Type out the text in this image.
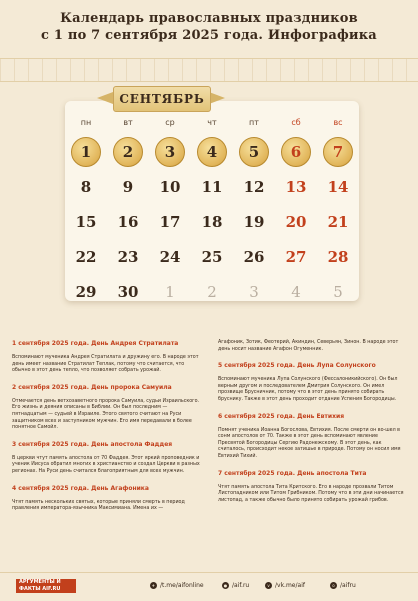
Календарь православных праздников
с 1 по 7 сентября 2025 года. Инфографика
СЕНТЯБРЬ
пн	вт	ср	чт	пт	сб	вс
1	2	3	4	5	6	7
8	9	10	11	12	13	14
15	16	17	18	19	20	21
22	23	24	25	26	27	28
29	30	1	2	3	4	5
1 сентября 2025 года. День Андрея Стратилата
Вспоминают мученика Андрея Стратилата и дружину его. В народе этот день имеет название Стратилат Теплак, потому что считается, что обычно в этот день тепло, что позволяет собрать урожай.
2 сентября 2025 года. День пророка Самуила
Отмечается день ветхозаветного пророка Самуила, судьи Израильского. Его жизнь и деяния описаны в Библии. Он был последним — пятнадцатым — судьей в Израиле. Этого святого считают на Руси защитником всех и заступником мужчин. Его имя передавали в более понятное Самойл.
3 сентября 2025 года. День апостола Фаддея
В церкви чтут память апостола от 70 Фаддея. Этот яркий проповедник и ученик Иисуса обратил многих в христианство и создал Церкви в разных регионах. На Руси день считался благоприятным для всех мужчин.
4 сентября 2025 года. День Агафоника
Чтят память нескольких святых, которые приняли смерть в период правления императора-язычника Максимиана. Имена их —
Агафоник, Зотик, Феотерий, Акиндин, Северьян, Зинон. В народе этот день носит название Агафон Огуменник.
5 сентября 2025 года. День Лупа Солунского
Вспоминают мученика Лупа Солунского (Фессалоникийского). Он был верным другом и последователем Дмитрия Солунского. Он имел прозвище Брусничник, потому что в этот день принято собирать бруснику. Также в этот день проходит отдание Успения Богородицы.
6 сентября 2025 года. День Евтихия
Помнят ученика Иоанна Богослова, Евтихия. После смерти он во-шел в сонм апостолов от 70. Также в этот день вспоминают явление Пресвятой Богородицы Сергию Радонежскому. В этот день, как считалось, происходит некое затишье в природе. Потому он носил имя Евтихий Тихий.
7 сентября 2025 года. День апостола Тита
Чтят память апостола Тита Критского. Его в народе прозвали Титом Листопадником или Титом Грибником. Потому что в эти дни начинается листопад, а также обычно было принято собирать урожай грибов.
АРГУМЕНТЫ И ФАКТЫ AIF.RU
✈ /t.me/aifonline	● /aif.ru	v /vk.me/aif	o /aifru
